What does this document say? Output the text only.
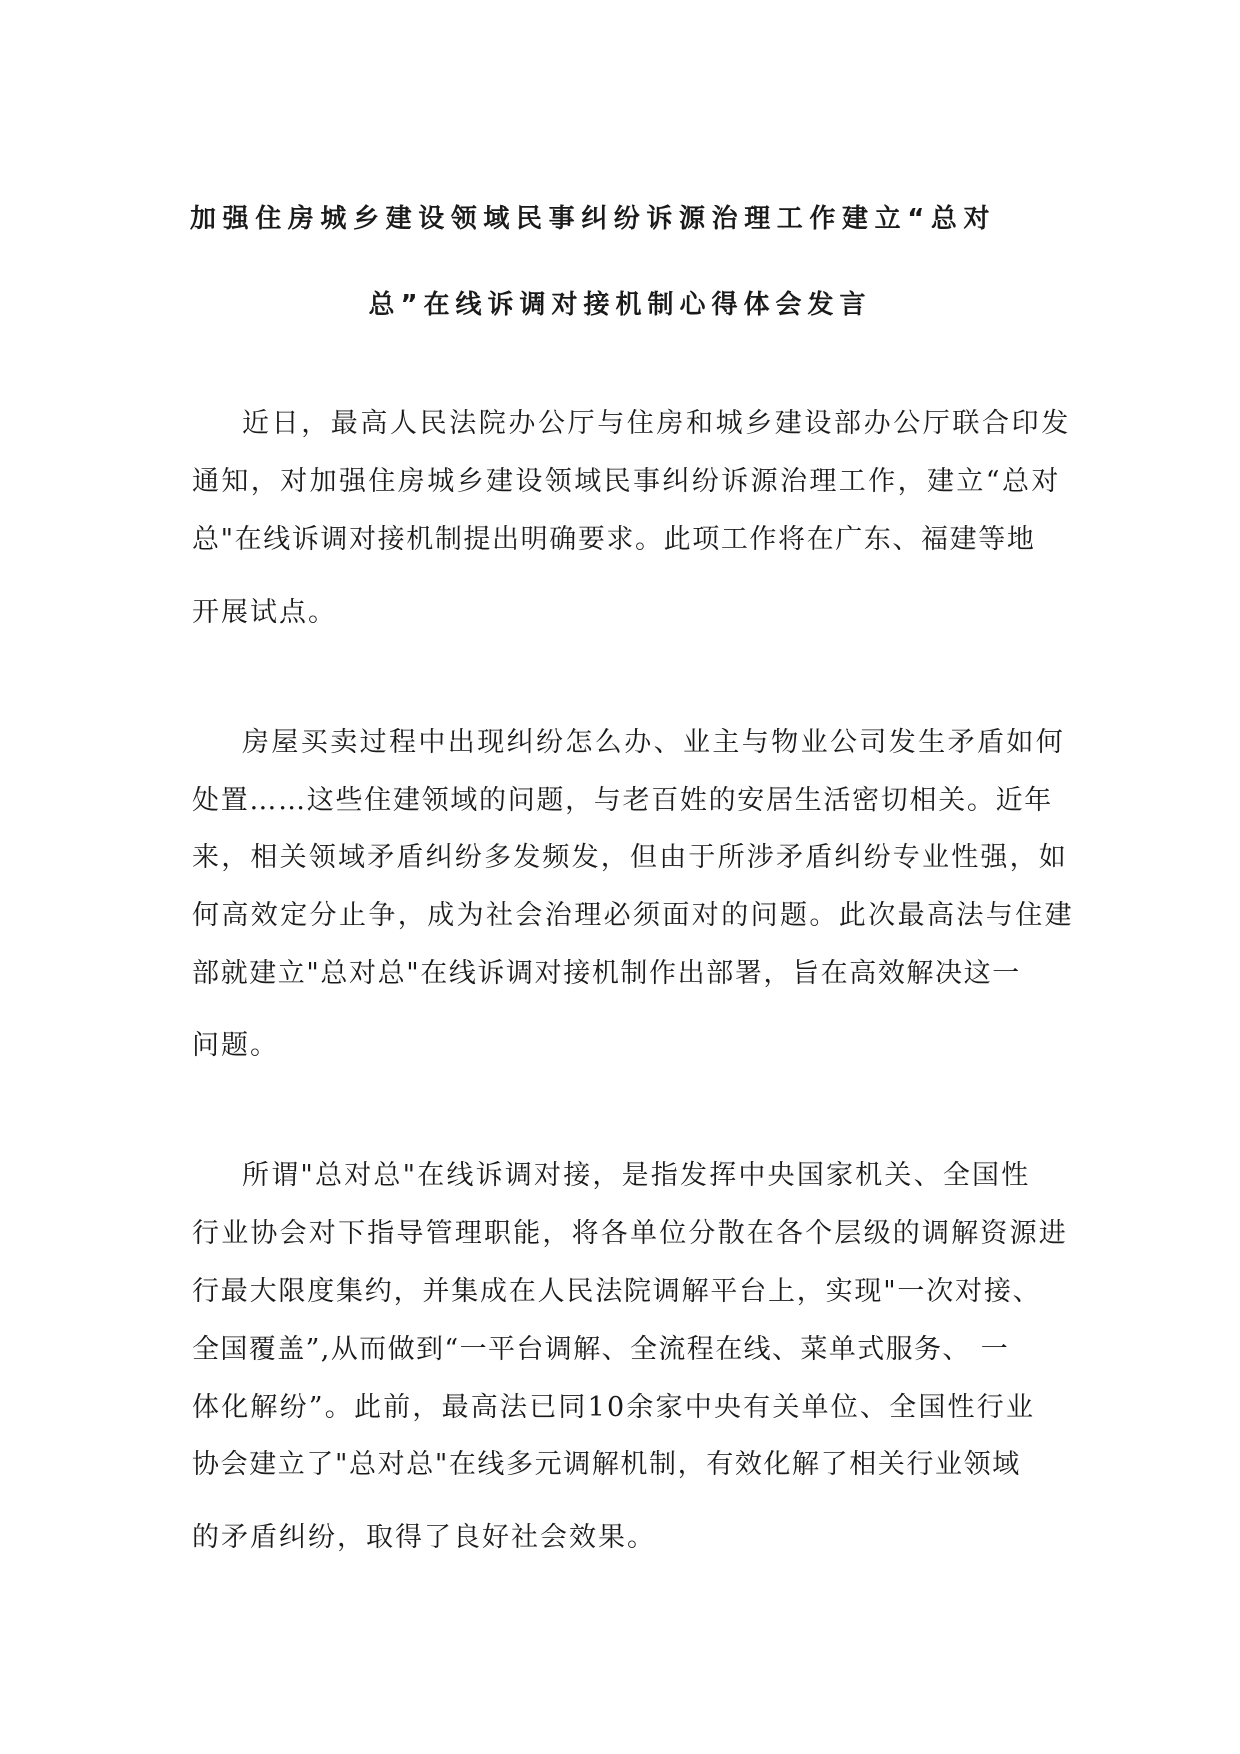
加强住房城乡建设领域民事纠纷诉源治理工作建立“总对
总”在线诉调对接机制心得体会发言
近日，最高人民法院办公厅与住房和城乡建设部办公厅联合印发
通知，对加强住房城乡建设领域民事纠纷诉源治理工作，建立“总对
总"在线诉调对接机制提出明确要求。此项工作将在广东、福建等地
开展试点。
房屋买卖过程中出现纠纷怎么办、业主与物业公司发生矛盾如何
处置……这些住建领域的问题，与老百姓的安居生活密切相关。近年
来，相关领域矛盾纠纷多发频发，但由于所涉矛盾纠纷专业性强，如
何高效定分止争，成为社会治理必须面对的问题。此次最高法与住建
部就建立"总对总"在线诉调对接机制作出部署，旨在高效解决这一
问题。
所谓"总对总"在线诉调对接，是指发挥中央国家机关、全国性
行业协会对下指导管理职能，将各单位分散在各个层级的调解资源进
行最大限度集约，并集成在人民法院调解平台上，实现"一次对接、
全国覆盖”,从而做到“一平台调解、全流程在线、菜单式服务、 一
体化解纷”。此前，最高法已同10余家中央有关单位、全国性行业
协会建立了"总对总"在线多元调解机制，有效化解了相关行业领域
的矛盾纠纷，取得了良好社会效果。
